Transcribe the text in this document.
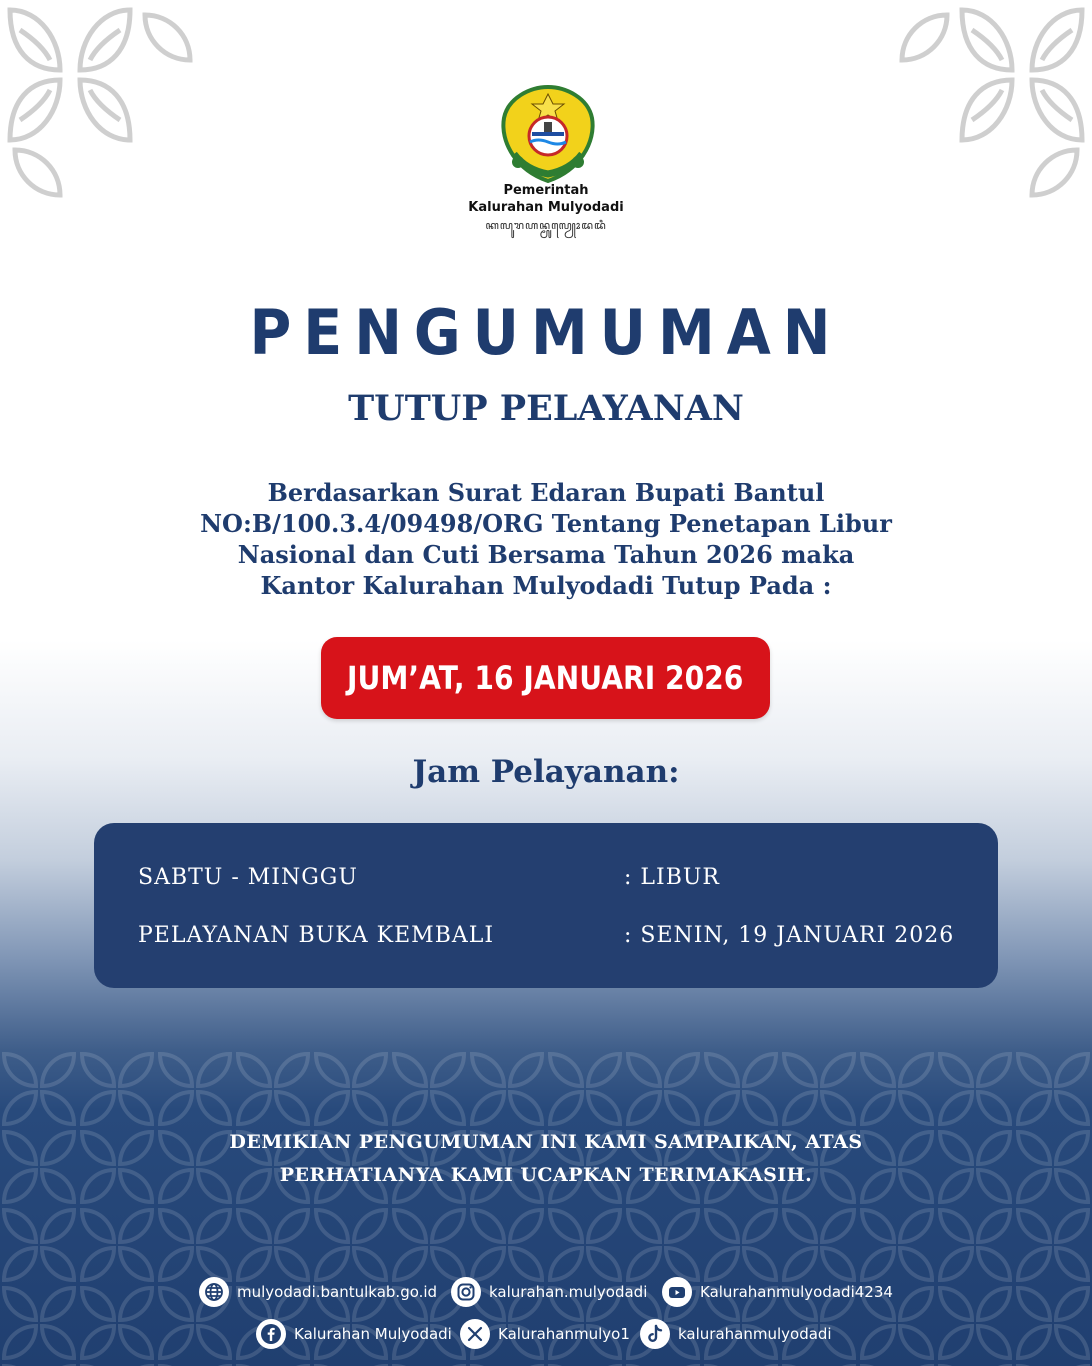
Pemerintah
Kalurahan Mulyodadi
ꦏꦭꦸꦫꦲꦤ꧀ꦩꦸꦭꦾꦺꦴꦢꦢꦶ
PENGUMUMAN
TUTUP PELAYANAN
Berdasarkan Surat Edaran Bupati Bantul
NO:B/100.3.4/09498/ORG Tentang Penetapan Libur
Nasional dan Cuti Bersama Tahun 2026 maka
Kantor Kalurahan Mulyodadi Tutup Pada :
JUM’AT, 16 JANUARI 2026
Jam Pelayanan:
SABTU - MINGGU	: LIBUR
PELAYANAN BUKA KEMBALI	: SENIN, 19 JANUARI 2026
DEMIKIAN PENGUMUMAN INI KAMI SAMPAIKAN, ATAS
PERHATIANYA KAMI UCAPKAN TERIMAKASIH.
mulyodadi.bantulkab.go.id	kalurahan.mulyodadi	Kalurahanmulyodadi4234
Kalurahan Mulyodadi	Kalurahanmulyo1	kalurahanmulyodadi
